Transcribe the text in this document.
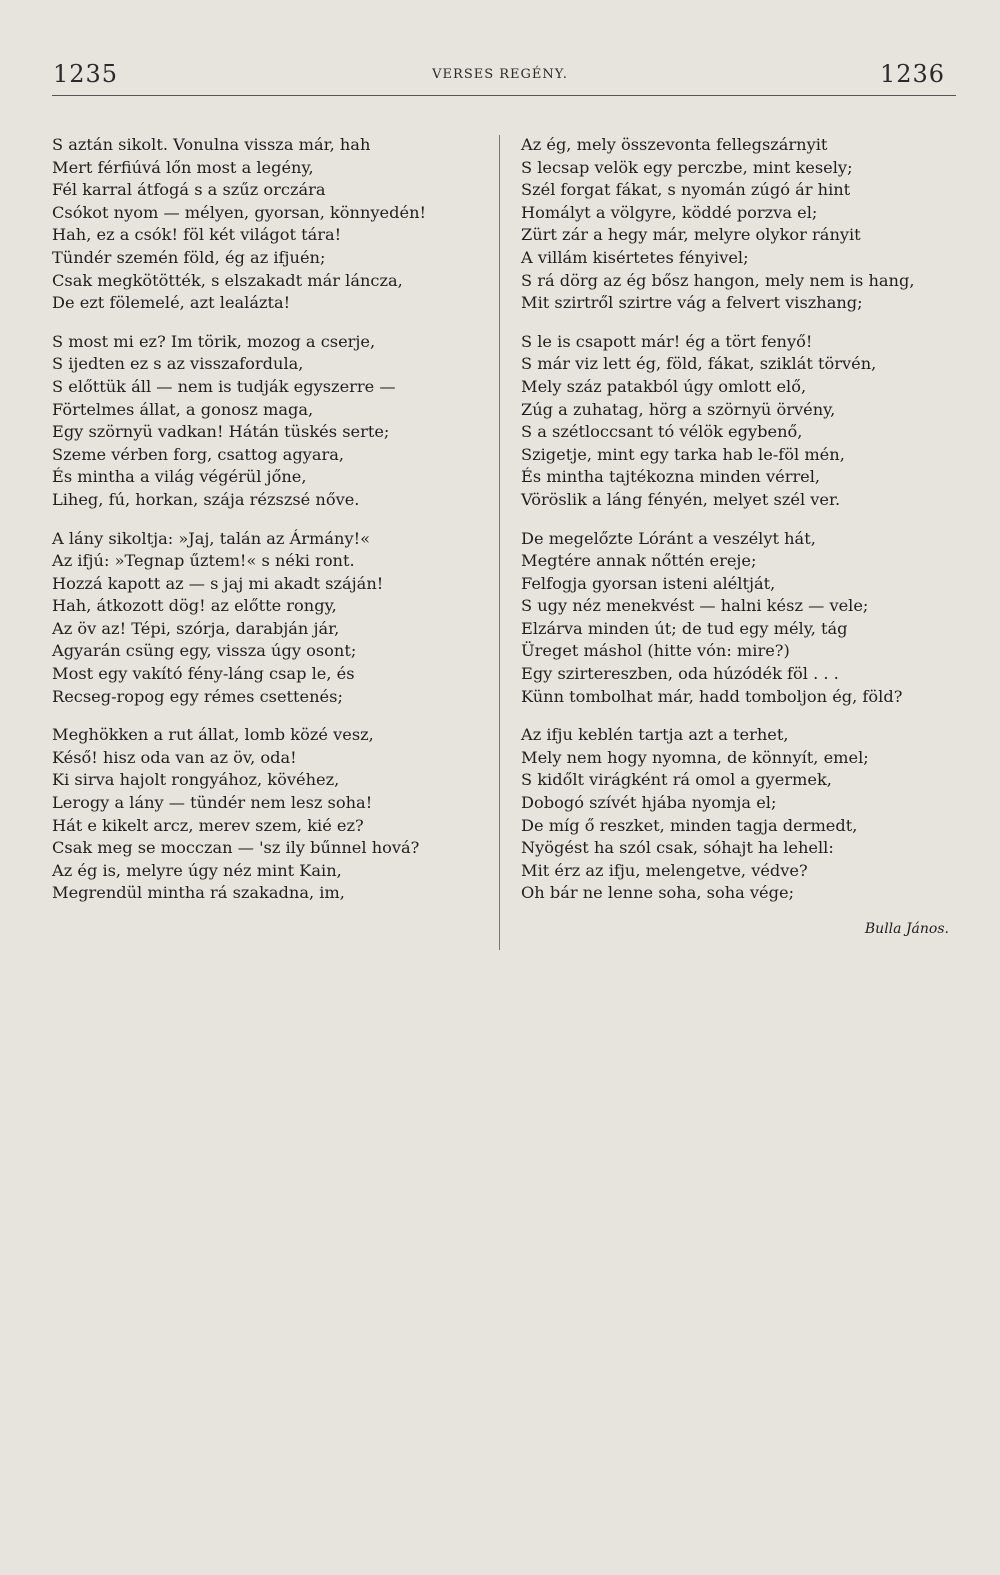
1235	VERSES REGÉNY.	1236
S aztán sikolt. Vonulna vissza már, hah
Mert férfiúvá lőn most a legény,
Fél karral átfogá s a szűz orczára
Csókot nyom — mélyen, gyorsan, könnyedén!
Hah, ez a csók! föl két világot tára!
Tündér szemén föld, ég az ifjuén;
Csak megkötötték, s elszakadt már láncza,
De ezt fölemelé, azt lealázta!
S most mi ez? Im törik, mozog a cserje,
S ijedten ez s az visszafordula,
S előttük áll — nem is tudják egyszerre —
Förtelmes állat, a gonosz maga,
Egy szörnyü vadkan! Hátán tüskés serte;
Szeme vérben forg, csattog agyara,
És mintha a világ végérül jőne,
Liheg, fú, horkan, szája rézszsé nőve.
A lány sikoltja: »Jaj, talán az Ármány!«
Az ifjú: »Tegnap űztem!« s néki ront.
Hozzá kapott az — s jaj mi akadt száján!
Hah, átkozott dög! az előtte rongy,
Az öv az! Tépi, szórja, darabján jár,
Agyarán csüng egy, vissza úgy osont;
Most egy vakító fény-láng csap le, és
Recseg-ropog egy rémes csettenés;
Meghökken a rut állat, lomb közé vesz,
Késő! hisz oda van az öv, oda!
Ki sirva hajolt rongyához, kövéhez,
Lerogy a lány — tündér nem lesz soha!
Hát e kikelt arcz, merev szem, kié ez?
Csak meg se mocczan — 'sz ily bűnnel hová?
Az ég is, melyre úgy néz mint Kain,
Megrendül mintha rá szakadna, im,
Az ég, mely összevonta fellegszárnyit
S lecsap velök egy perczbe, mint kesely;
Szél forgat fákat, s nyomán zúgó ár hint
Homályt a völgyre, köddé porzva el;
Zürt zár a hegy már, melyre olykor rányit
A villám kisértetes fényivel;
S rá dörg az ég bősz hangon, mely nem is hang,
Mit szirtről szirtre vág a felvert viszhang;
S le is csapott már! ég a tört fenyő!
S már viz lett ég, föld, fákat, sziklát törvén,
Mely száz patakból úgy omlott elő,
Zúg a zuhatag, hörg a szörnyü örvény,
S a szétloccsant tó vélök egybenő,
Szigetje, mint egy tarka hab le-föl mén,
És mintha tajtékozna minden vérrel,
Vöröslik a láng fényén, melyet szél ver.
De megelőzte Lóránt a veszélyt hát,
Megtére annak nőttén ereje;
Felfogja gyorsan isteni aléltját,
S ugy néz menekvést — halni kész — vele;
Elzárva minden út; de tud egy mély, tág
Üreget máshol (hitte vón: mire?)
Egy szirtereszben, oda húzódék föl . . .
Künn tombolhat már, hadd tomboljon ég, föld?
Az ifju keblén tartja azt a terhet,
Mely nem hogy nyomna, de könnyít, emel;
S kidőlt virágként rá omol a gyermek,
Dobogó szívét hjába nyomja el;
De míg ő reszket, minden tagja dermedt,
Nyögést ha szól csak, sóhajt ha lehell:
Mit érz az ifju, melengetve, védve?
Oh bár ne lenne soha, soha vége;
Bulla János.
